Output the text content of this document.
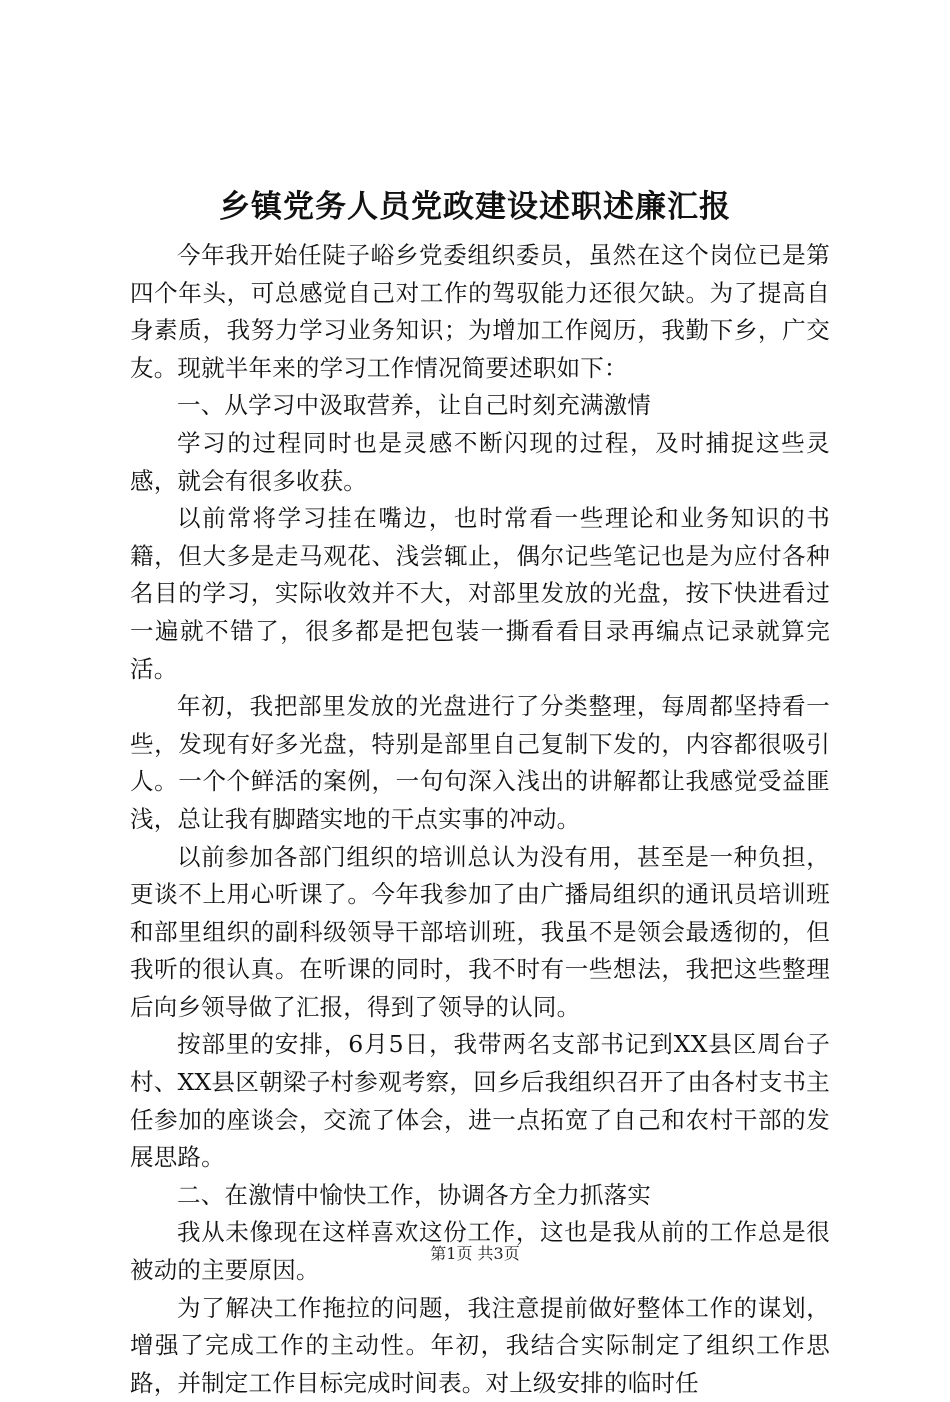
乡镇党务人员党政建设述职述廉汇报

今年我开始任陡子峪乡党委组织委员，虽然在这个岗位已是第四个年头，可总感觉自己对工作的驾驭能力还很欠缺。为了提高自身素质，我努力学习业务知识；为增加工作阅历，我勤下乡，广交友。现就半年来的学习工作情况简要述职如下：

一、从学习中汲取营养，让自己时刻充满激情

学习的过程同时也是灵感不断闪现的过程，及时捕捉这些灵感，就会有很多收获。

以前常将学习挂在嘴边，也时常看一些理论和业务知识的书籍，但大多是走马观花、浅尝辄止，偶尔记些笔记也是为应付各种名目的学习，实际收效并不大，对部里发放的光盘，按下快进看过一遍就不错了，很多都是把包装一撕看看目录再编点记录就算完活。

年初，我把部里发放的光盘进行了分类整理，每周都坚持看一些，发现有好多光盘，特别是部里自己复制下发的，内容都很吸引人。一个个鲜活的案例，一句句深入浅出的讲解都让我感觉受益匪浅，总让我有脚踏实地的干点实事的冲动。

以前参加各部门组织的培训总认为没有用，甚至是一种负担，更谈不上用心听课了。今年我参加了由广播局组织的通讯员培训班和部里组织的副科级领导干部培训班，我虽不是领会最透彻的，但我听的很认真。在听课的同时，我不时有一些想法，我把这些整理后向乡领导做了汇报，得到了领导的认同。

按部里的安排，6月5日，我带两名支部书记到XX县区周台子村、XX县区朝梁子村参观考察，回乡后我组织召开了由各村支书主任参加的座谈会，交流了体会，进一点拓宽了自己和农村干部的发展思路。

二、在激情中愉快工作，协调各方全力抓落实

我从未像现在这样喜欢这份工作，这也是我从前的工作总是很被动的主要原因。

为了解决工作拖拉的问题，我注意提前做好整体工作的谋划，增强了完成工作的主动性。年初，我结合实际制定了组织工作思路，并制定工作目标完成时间表。对上级安排的临时任

第1页 共3页
